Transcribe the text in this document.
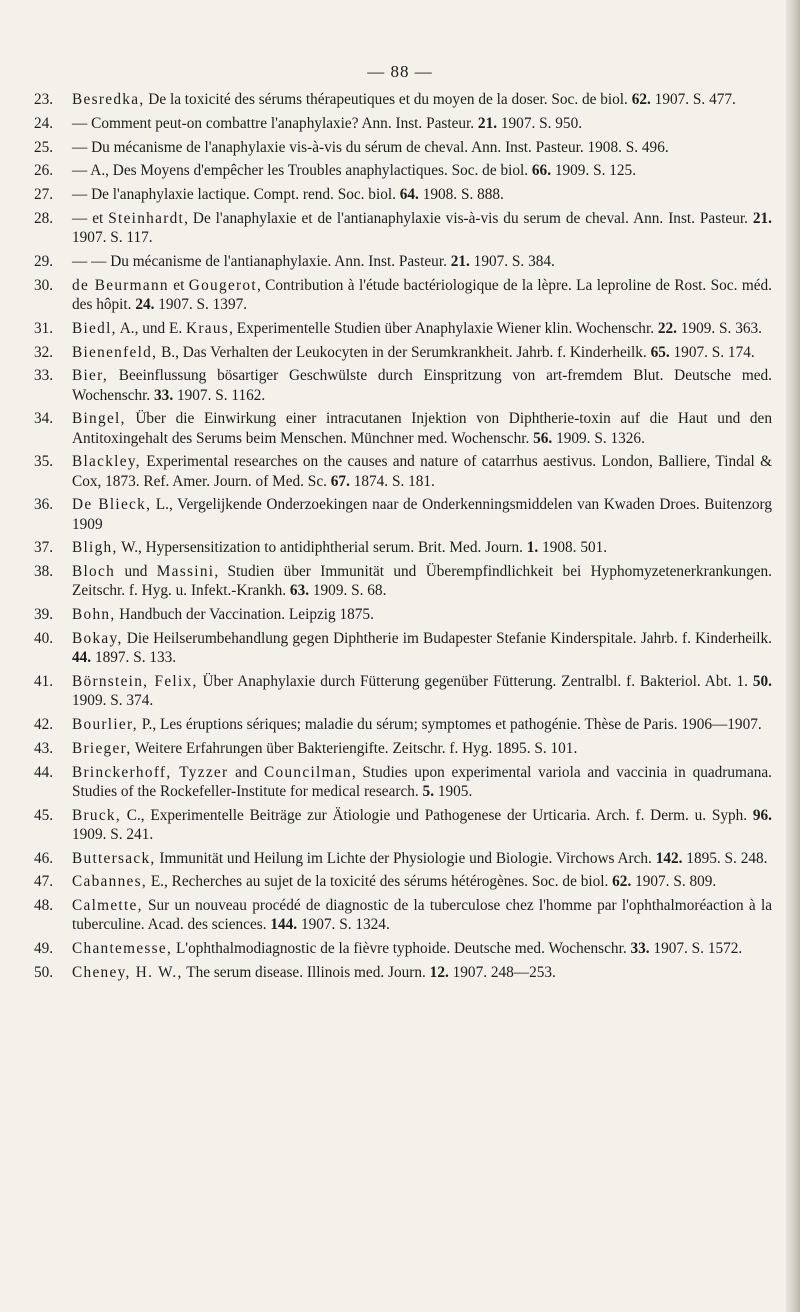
— 88 —
23.	Besredka, De la toxicité des sérums thérapeutiques et du moyen de la doser. Soc. de biol. 62. 1907. S. 477.
24.	— Comment peut-on combattre l'anaphylaxie? Ann. Inst. Pasteur. 21. 1907. S. 950.
25.	— Du mécanisme de l'anaphylaxie vis-à-vis du sérum de cheval. Ann. Inst. Pasteur. 1908. S. 496.
26.	— A., Des Moyens d'empêcher les Troubles anaphylactiques. Soc. de biol. 66. 1909. S. 125.
27.	— De l'anaphylaxie lactique. Compt. rend. Soc. biol. 64. 1908. S. 888.
28.	— et Steinhardt, De l'anaphylaxie et de l'antianaphylaxie vis-à-vis du serum de cheval. Ann. Inst. Pasteur. 21. 1907. S. 117.
29.	— — Du mécanisme de l'antianaphylaxie. Ann. Inst. Pasteur. 21. 1907. S. 384.
30.	de Beurmann et Gougerot, Contribution à l'étude bactériologique de la lèpre. La leproline de Rost. Soc. méd. des hôpit. 24. 1907. S. 1397.
31.	Biedl, A., und E. Kraus, Experimentelle Studien über Anaphylaxie Wiener klin. Wochenschr. 22. 1909. S. 363.
32.	Bienenfeld, B., Das Verhalten der Leukocyten in der Serumkrankheit. Jahrb. f. Kinderheilk. 65. 1907. S. 174.
33.	Bier, Beeinflussung bösartiger Geschwülste durch Einspritzung von art-fremdem Blut. Deutsche med. Wochenschr. 33. 1907. S. 1162.
34.	Bingel, Über die Einwirkung einer intracutanen Injektion von Diphtherie-toxin auf die Haut und den Antitoxingehalt des Serums beim Menschen. Münchner med. Wochenschr. 56. 1909. S. 1326.
35.	Blackley, Experimental researches on the causes and nature of catarrhus aestivus. London, Balliere, Tindal & Cox, 1873. Ref. Amer. Journ. of Med. Sc. 67. 1874. S. 181.
36.	De Blieck, L., Vergelijkende Onderzoekingen naar de Onderkenningsmiddelen van Kwaden Droes. Buitenzorg 1909
37.	Bligh, W., Hypersensitization to antidiphtherial serum. Brit. Med. Journ. 1. 1908. 501.
38.	Bloch und Massini, Studien über Immunität und Überempfindlichkeit bei Hyphomyzetenerkrankungen. Zeitschr. f. Hyg. u. Infekt.-Krankh. 63. 1909. S. 68.
39.	Bohn, Handbuch der Vaccination. Leipzig 1875.
40.	Bokay, Die Heilserumbehandlung gegen Diphtherie im Budapester Stefanie Kinderspitale. Jahrb. f. Kinderheilk. 44. 1897. S. 133.
41.	Börnstein, Felix, Über Anaphylaxie durch Fütterung gegenüber Fütterung. Zentralbl. f. Bakteriol. Abt. 1. 50. 1909. S. 374.
42.	Bourlier, P., Les éruptions sériques; maladie du sérum; symptomes et pathogénie. Thèse de Paris. 1906—1907.
43.	Brieger, Weitere Erfahrungen über Bakteriengifte. Zeitschr. f. Hyg. 1895. S. 101.
44.	Brinckerhoff, Tyzzer and Councilman, Studies upon experimental variola and vaccinia in quadrumana. Studies of the Rockefeller-Institute for medical research. 5. 1905.
45.	Bruck, C., Experimentelle Beiträge zur Ätiologie und Pathogenese der Urticaria. Arch. f. Derm. u. Syph. 96. 1909. S. 241.
46.	Buttersack, Immunität und Heilung im Lichte der Physiologie und Biologie. Virchows Arch. 142. 1895. S. 248.
47.	Cabannes, E., Recherches au sujet de la toxicité des sérums hétérogènes. Soc. de biol. 62. 1907. S. 809.
48.	Calmette, Sur un nouveau procédé de diagnostic de la tuberculose chez l'homme par l'ophthalmoréaction à la tuberculine. Acad. des sciences. 144. 1907. S. 1324.
49.	Chantemesse, L'ophthalmodiagnostic de la fièvre typhoide. Deutsche med. Wochenschr. 33. 1907. S. 1572.
50.	Cheney, H. W., The serum disease. Illinois med. Journ. 12. 1907. 248—253.
